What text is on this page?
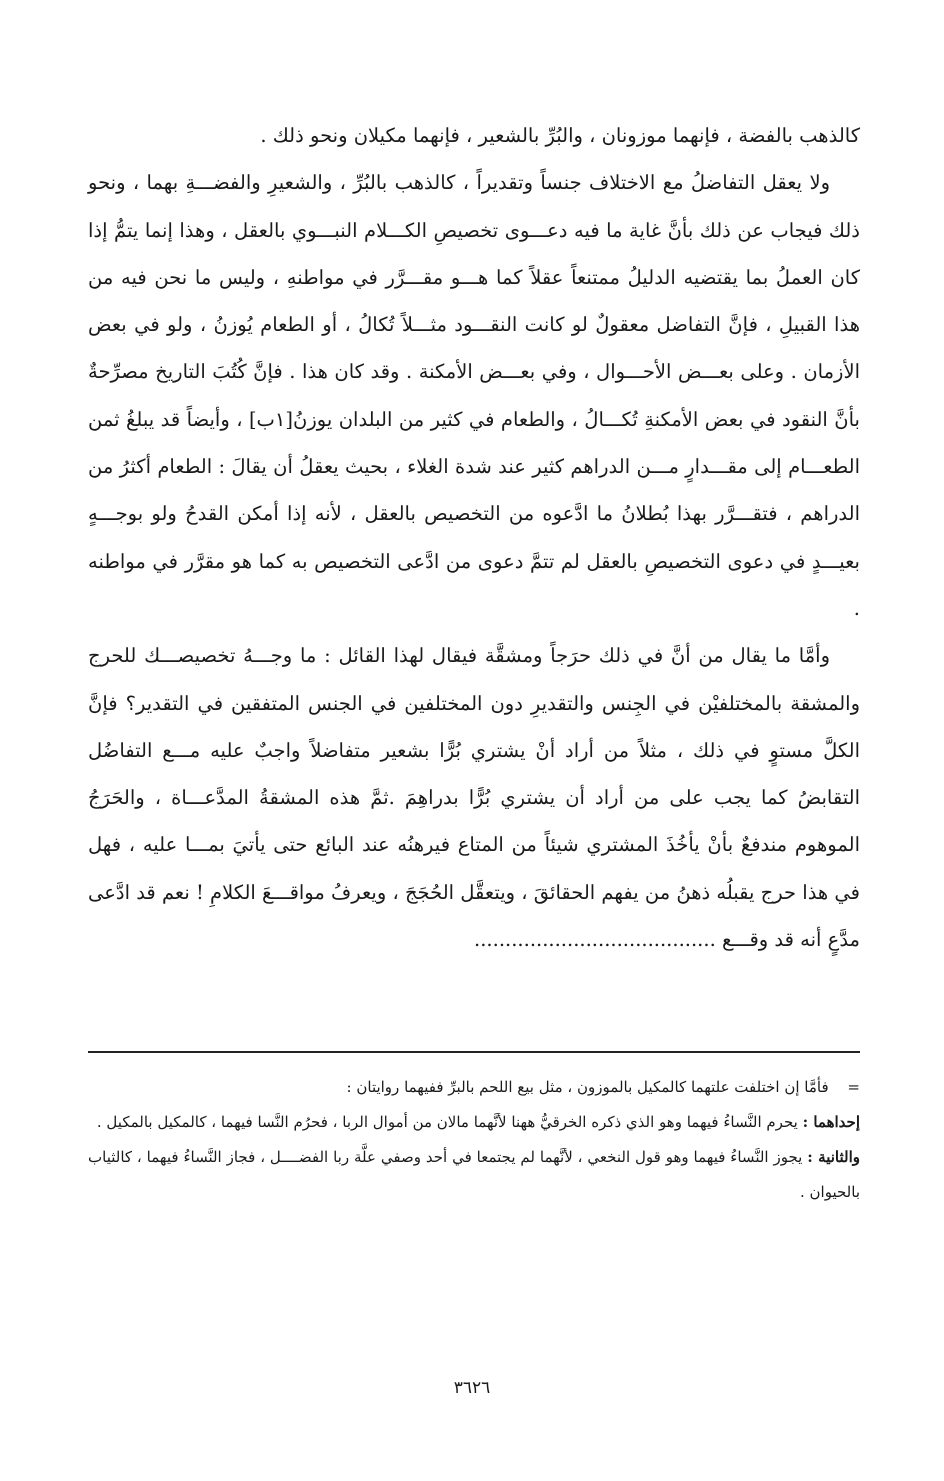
كالذهب بالفضة ، فإنهما موزونان ، والبُرِّ بالشعير ، فإنهما مكيلان ونحو ذلك .

ولا يعقل التفاضلُ مع الاختلاف جنساً وتقديراً ، كالذهب بالبُرِّ ، والشعيرِ والفضـــةِ بهما ، ونحو ذلك فيجاب عن ذلك بأنَّ غاية ما فيه دعـــوى تخصيصِ الكـــلام النبـــوي بالعقل ، وهذا إنما يتمُّ إذا كان العملُ بما يقتضيه الدليلُ ممتنعاً عقلاً كما هـــو مقـــرَّر في مواطنهِ ، وليس ما نحن فيه من هذا القبيلِ ، فإنَّ التفاضل معقولٌ لو كانت النقـــود مثـــلاً تُكالُ ، أو الطعام يُوزنُ ، ولو في بعض الأزمان . وعلى بعـــض الأحـــوال ، وفي بعـــض الأمكنة . وقد كان هذا . فإنَّ كُتُبَ التاريخ مصرِّحةٌ بأنَّ النقود في بعض الأمكنةِ تُكـــالُ ، والطعام في كثير من البلدان يوزنُ[١ب] ، وأيضاً قد يبلغُ ثمن الطعـــام إلى مقـــدارٍ مـــن الدراهم كثير عند شدة الغلاء ، بحيث يعقلُ أن يقالَ : الطعام أكثرُ من الدراهم ، فتقـــرَّر بهذا بُطلانُ ما ادَّعوه من التخصيص بالعقل ، لأنه إذا أمكن القدحُ ولو بوجـــهٍ بعيـــدٍ في دعوى التخصيصِ بالعقل لم تتمَّ دعوى من ادَّعى التخصيص به كما هو مقرَّر في مواطنه .

وأمَّا ما يقال من أنَّ في ذلك حرَجاً ومشقَّة فيقال لهذا القائل : ما وجـــهُ تخصيصـــك للحرج والمشقة بالمختلفيْن في الجِنس والتقديرِ دون المختلفين في الجنس المتفقين في التقدير؟ فإنَّ الكلَّ مستوٍ في ذلك ، مثلاً من أراد أنْ يشتري بُرًّا بشعير متفاضلاً واجبٌ عليه مـــع التفاضُل التقابضُ كما يجب على من أراد أن يشتري بُرًّا بدراهِمَ .ثمَّ هذه المشقةُ المدَّعـــاة ، والحَرَجُ الموهوم مندفعٌ بأنْ يأخُذَ المشتري شيئاً من المتاع فيرهنُه عند البائع حتى يأتيَ بمـــا عليه ، فهل في هذا حرج يقبلُه ذهنُ من يفهم الحقائقَ ، ويتعقَّل الحُجَجَ ، ويعرفُ مواقـــعَ الكلامِ ! نعم قد ادَّعى مدَّعٍ أنه قد وقـــع .......................................

= فأمَّا إن اختلفت علتهما كالمكيل بالموزون ، مثل بيع اللحم بالبرِّ ففيهما روايتان :

إحداهما : يحرم النَّساءُ فيهما وهو الذي ذكره الخرقيُّ ههنا لأنَّهما مالان من أموال الربا ، فحرُم النَّسا فيهما ، كالمكيل بالمكيل .

والثانية : يجوز النَّساءُ فيهما وهو قول النخعي ، لأنَّهما لم يجتمعا في أحد وصفي علَّة ربا الفضــــل ، فجاز النَّساءُ فيهما ، كالثياب بالحيوان .

٣٦٢٦
